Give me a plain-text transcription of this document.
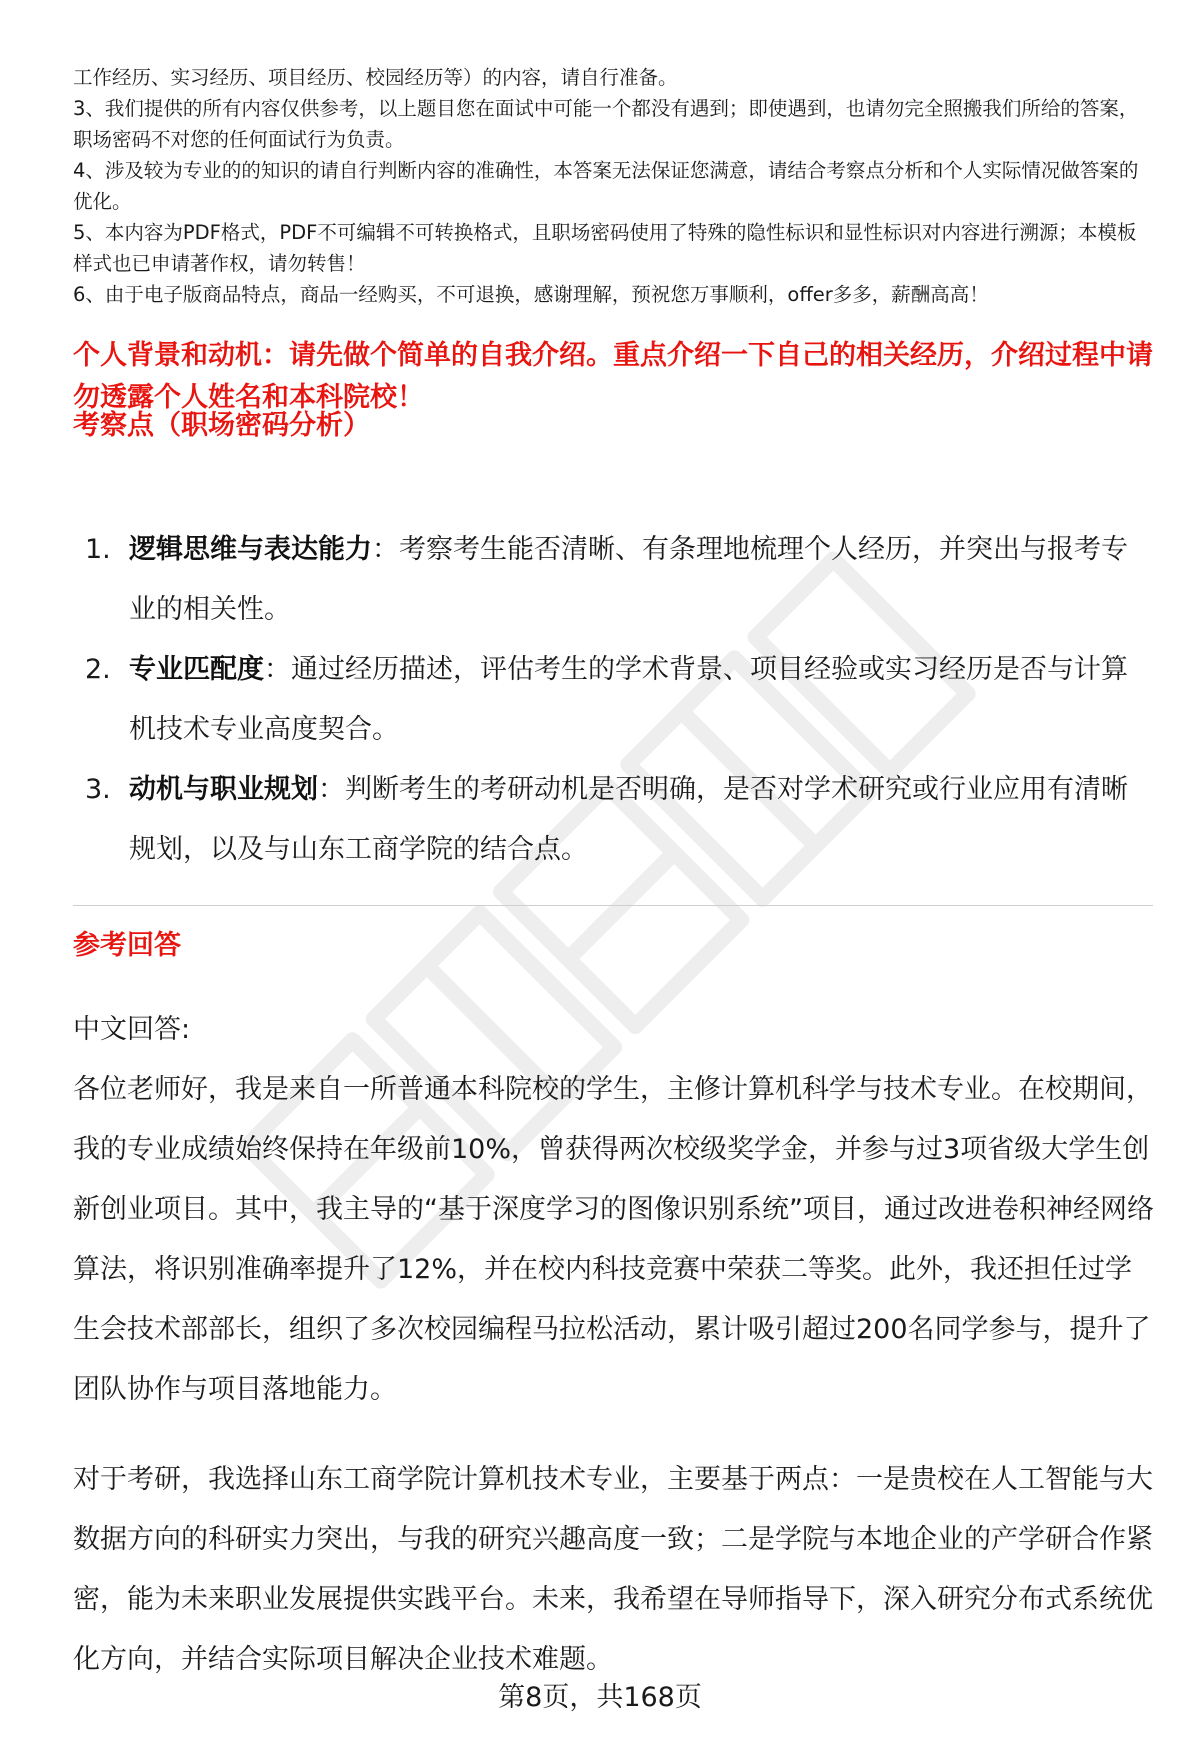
工作经历、实习经历、项目经历、校园经历等）的内容，请自行准备。

3、我们提供的所有内容仅供参考，以上题目您在面试中可能一个都没有遇到；即使遇到，也请勿完全照搬我们所给的答案，职场密码不对您的任何面试行为负责。

4、涉及较为专业的的知识的请自行判断内容的准确性，本答案无法保证您满意，请结合考察点分析和个人实际情况做答案的优化。

5、本内容为PDF格式，PDF不可编辑不可转换格式，且职场密码使用了特殊的隐性标识和显性标识对内容进行溯源；本模板样式也已申请著作权，请勿转售！

6、由于电子版商品特点，商品一经购买，不可退换，感谢理解，预祝您万事顺利，offer多多，薪酬高高！

个人背景和动机：请先做个简单的自我介绍。重点介绍一下自己的相关经历，介绍过程中请勿透露个人姓名和本科院校！
考察点（职场密码分析）
1. 逻辑思维与表达能力：考察考生能否清晰、有条理地梳理个人经历，并突出与报考专业的相关性。
2. 专业匹配度：通过经历描述，评估考生的学术背景、项目经验或实习经历是否与计算机技术专业高度契合。
3. 动机与职业规划：判断考生的考研动机是否明确，是否对学术研究或行业应用有清晰规划，以及与山东工商学院的结合点。
参考回答

中文回答:

各位老师好，我是来自一所普通本科院校的学生，主修计算机科学与技术专业。在校期间，我的专业成绩始终保持在年级前10%，曾获得两次校级奖学金，并参与过3项省级大学生创新创业项目。其中，我主导的“基于深度学习的图像识别系统”项目，通过改进卷积神经网络算法，将识别准确率提升了12%，并在校内科技竞赛中荣获二等奖。此外，我还担任过学生会技术部部长，组织了多次校园编程马拉松活动，累计吸引超过200名同学参与，提升了团队协作与项目落地能力。

对于考研，我选择山东工商学院计算机技术专业，主要基于两点：一是贵校在人工智能与大数据方向的科研实力突出，与我的研究兴趣高度一致；二是学院与本地企业的产学研合作紧密，能为未来职业发展提供实践平台。未来，我希望在导师指导下，深入研究分布式系统优化方向，并结合实际项目解决企业技术难题。

第8页，共168页
